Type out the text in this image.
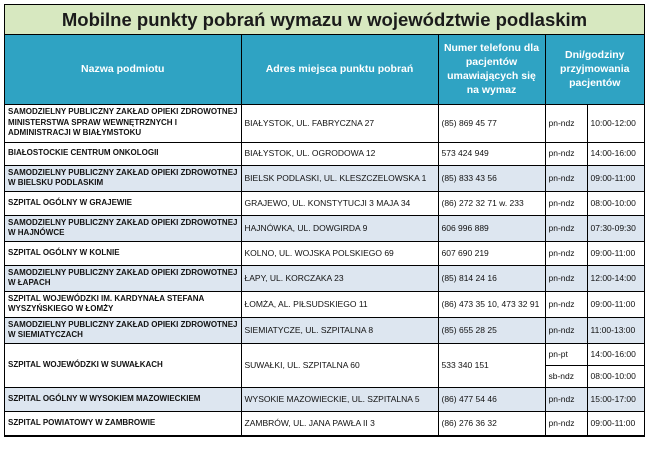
Mobilne punkty pobrań wymazu w województwie podlaskim
Nazwa podmiotu	Adres miejsca punktu pobrań	Numer telefonu dla pacjentów umawiających się na wymaz	Dni/godziny przyjmowania pacjentów	
SAMODZIELNY PUBLICZNY ZAKŁAD OPIEKI ZDROWOTNEJ MINISTERSTWA SPRAW WEWNĘTRZNYCH I ADMINISTRACJI W BIAŁYMSTOKU	BIAŁYSTOK, UL. FABRYCZNA 27	(85) 869 45 77	pn-ndz	10:00-12:00
BIAŁOSTOCKIE CENTRUM ONKOLOGII	BIAŁYSTOK, UL. OGRODOWA 12	573 424 949	pn-ndz	14:00-16:00
SAMODZIELNY PUBLICZNY ZAKŁAD OPIEKI ZDROWOTNEJ W BIELSKU PODLASKIM	BIELSK PODLASKI, UL. KLESZCZELOWSKA 1	(85) 833 43 56	pn-ndz	09:00-11:00
SZPITAL OGÓLNY W GRAJEWIE	GRAJEWO, UL. KONSTYTUCJI 3 MAJA 34	(86) 272 32 71 w. 233	pn-ndz	08:00-10:00
SAMODZIELNY PUBLICZNY ZAKŁAD OPIEKI ZDROWOTNEJ W HAJNÓWCE	HAJNÓWKA, UL. DOWGIRDA 9	606 996 889	pn-ndz	07:30-09:30
SZPITAL OGÓLNY W KOLNIE	KOLNO, UL. WOJSKA POLSKIEGO 69	607 690 219	pn-ndz	09:00-11:00
SAMODZIELNY PUBLICZNY ZAKŁAD OPIEKI ZDROWOTNEJ W ŁAPACH	ŁAPY, UL. KORCZAKA 23	(85) 814 24 16	pn-ndz	12:00-14:00
SZPITAL WOJEWÓDZKI IM. KARDYNAŁA STEFANA WYSZYŃSKIEGO W ŁOMŻY	ŁOMŻA, AL. PIŁSUDSKIEGO 11	(86) 473 35 10, 473 32 91	pn-ndz	09:00-11:00
SAMODZIELNY PUBLICZNY ZAKŁAD OPIEKI ZDROWOTNEJ W SIEMIATYCZACH	SIEMIATYCZE, UL. SZPITALNA 8	(85) 655 28 25	pn-ndz	11:00-13:00
SZPITAL WOJEWÓDZKI W SUWAŁKACH	SUWAŁKI, UL. SZPITALNA 60	533 340 151	pn-pt	14:00-16:00
			sb-ndz	08:00-10:00
SZPITAL OGÓLNY W WYSOKIEM MAZOWIECKIEM	WYSOKIE MAZOWIECKIE, UL. SZPITALNA 5	(86) 477 54 46	pn-ndz	15:00-17:00
SZPITAL POWIATOWY W ZAMBROWIE	ZAMBRÓW, UL. JANA PAWŁA II 3	(86) 276 36 32	pn-ndz	09:00-11:00
